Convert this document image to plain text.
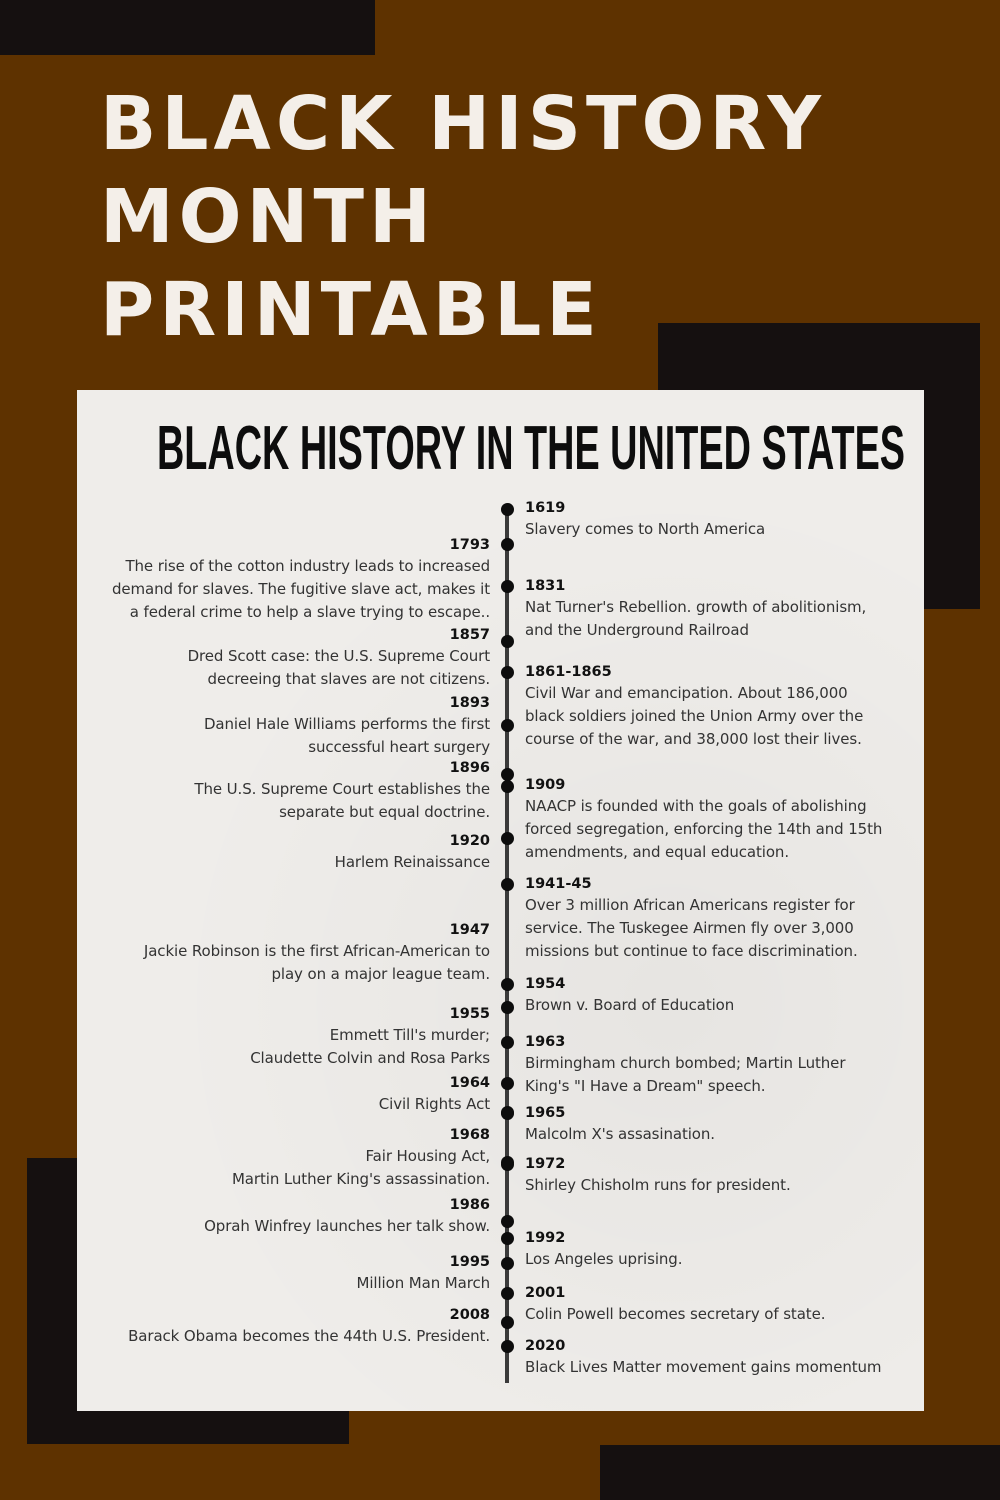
BLACK HISTORY
MONTH
PRINTABLE
BLACK HISTORY IN THE UNITED STATES
1793
The rise of the cotton industry leads to increased
demand for slaves. The fugitive slave act, makes it
a federal crime to help a slave trying to escape..
1857
Dred Scott case: the U.S. Supreme Court
decreeing that slaves are not citizens.
1893
Daniel Hale Williams performs the first
successful heart surgery
1896
The U.S. Supreme Court establishes the
separate but equal doctrine.
1920
Harlem Reinaissance
1947
Jackie Robinson is the first African-American to
play on a major league team.
1955
Emmett Till's murder;
Claudette Colvin and Rosa Parks
1964
Civil Rights Act
1968
Fair Housing Act,
Martin Luther King's assassination.
1986
Oprah Winfrey launches her talk show.
1995
Million Man March
2008
Barack Obama becomes the 44th U.S. President.
1619
Slavery comes to North America
1831
Nat Turner's Rebellion. growth of abolitionism,
and the Underground Railroad
1861-1865
Civil War and emancipation. About 186,000
black soldiers joined the Union Army over the
course of the war, and 38,000 lost their lives.
1909
NAACP is founded with the goals of abolishing
forced segregation, enforcing the 14th and 15th
amendments, and equal education.
1941-45
Over 3 million African Americans register for
service. The Tuskegee Airmen fly over 3,000
missions but continue to face discrimination.
1954
Brown v. Board of Education
1963
Birmingham church bombed; Martin Luther
King's "I Have a Dream" speech.
1965
Malcolm X's assasination.
1972
Shirley Chisholm runs for president.
1992
Los Angeles uprising.
2001
Colin Powell becomes secretary of state.
2020
Black Lives Matter movement gains momentum
